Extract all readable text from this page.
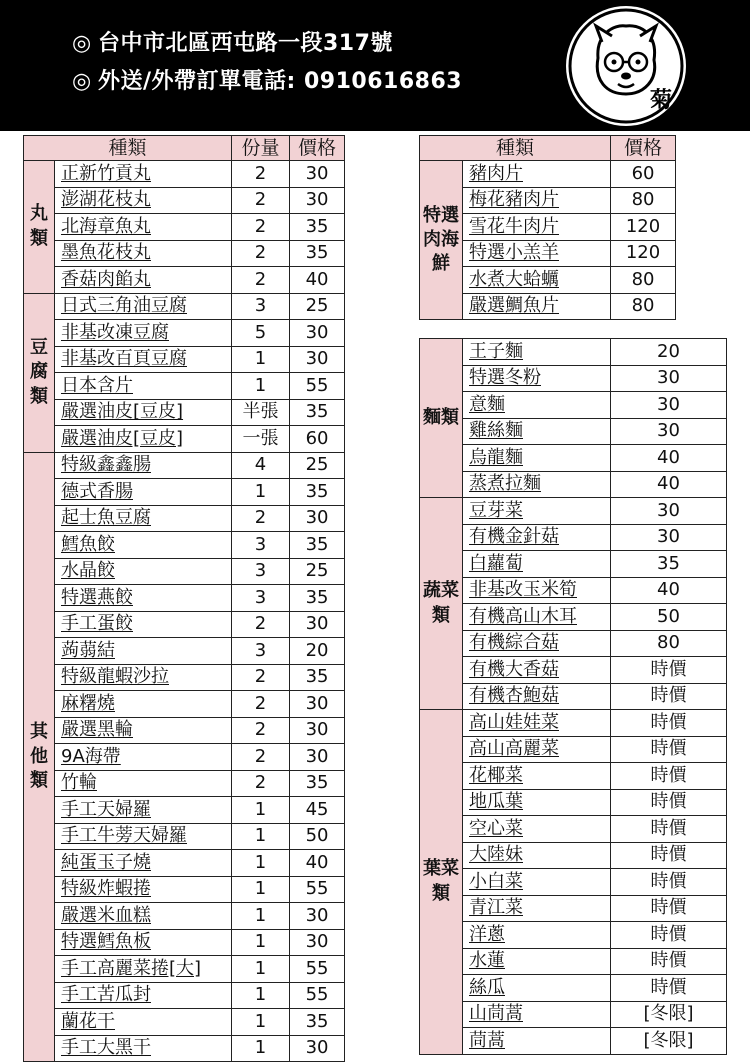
◎ 台中市北區西屯路一段317號
◎ 外送/外帶訂單電話: 0910616863
菊
種類		份量	價格
丸類	正新竹貢丸	2	30
	澎湖花枝丸	2	30
	北海章魚丸	2	35
	墨魚花枝丸	2	35
	香菇肉餡丸	2	40
豆腐類	日式三角油豆腐	3	25
	非基改凍豆腐	5	30
	非基改百頁豆腐	1	30
	日本含片	1	55
	嚴選油皮[豆皮]	半張	35
	嚴選油皮[豆皮]	一張	60
其他類	特級鑫鑫腸	4	25
	德式香腸	1	35
	起士魚豆腐	2	30
	鱈魚餃	3	35
	水晶餃	3	25
	特選燕餃	3	35
	手工蛋餃	2	30
	蒟蒻結	3	20
	特級龍蝦沙拉	2	35
	麻糬燒	2	30
	嚴選黑輪	2	30
	9A海帶	2	30
	竹輪	2	35
	手工天婦羅	1	45
	手工牛蒡天婦羅	1	50
	純蛋玉子燒	1	40
	特級炸蝦捲	1	55
	嚴選米血糕	1	30
	特選鱈魚板	1	30
	手工高麗菜捲[大]	1	55
	手工苦瓜封	1	55
	蘭花干	1	35
	手工大黑干	1	30
種類		價格
特選肉海鮮	豬肉片	60
	梅花豬肉片	80
	雪花牛肉片	120
	特選小羔羊	120
	水煮大蛤蠣	80
	嚴選鯛魚片	80
麵類	王子麵	20
	特選冬粉	30
	意麵	30
	雞絲麵	30
	烏龍麵	40
	蒸煮拉麵	40
蔬菜類	豆芽菜	30
	有機金針菇	30
	白蘿蔔	35
	非基改玉米筍	40
	有機高山木耳	50
	有機綜合菇	80
	有機大香菇	時價
	有機杏鮑菇	時價
葉菜類	高山娃娃菜	時價
	高山高麗菜	時價
	花椰菜	時價
	地瓜葉	時價
	空心菜	時價
	大陸妹	時價
	小白菜	時價
	青江菜	時價
	洋蔥	時價
	水蓮	時價
	絲瓜	時價
	山茼蒿	[冬限]
	茼蒿	[冬限]
